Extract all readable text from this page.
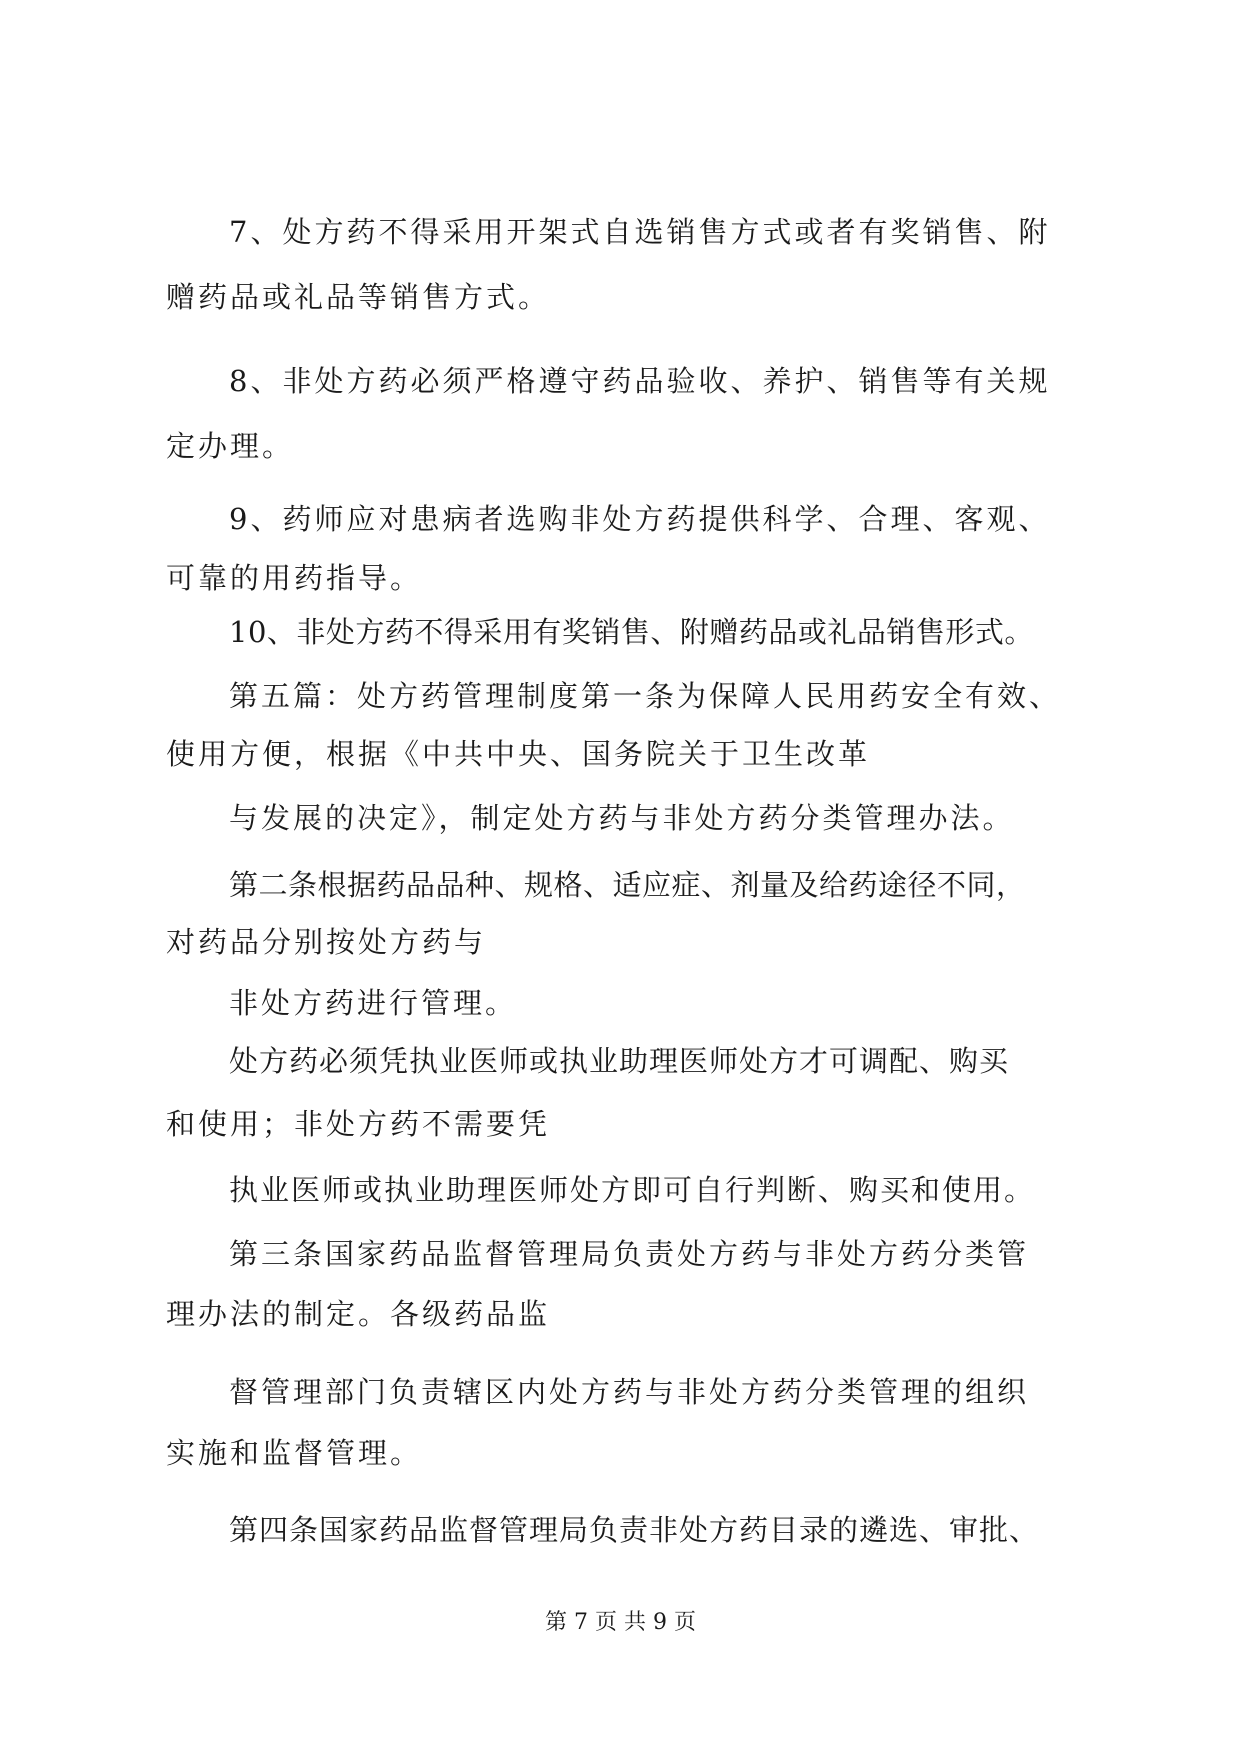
7、处方药不得采用开架式自选销售方式或者有奖销售、附
赠药品或礼品等销售方式。
8、非处方药必须严格遵守药品验收、养护、销售等有关规
定办理。
9、药师应对患病者选购非处方药提供科学、合理、客观、
可靠的用药指导。
10、非处方药不得采用有奖销售、附赠药品或礼品销售形式。
第五篇：处方药管理制度第一条为保障人民用药安全有效、
使用方便，根据《中共中央、国务院关于卫生改革
与发展的决定》，制定处方药与非处方药分类管理办法。
第二条根据药品品种、规格、适应症、剂量及给药途径不同，
对药品分别按处方药与
非处方药进行管理。
处方药必须凭执业医师或执业助理医师处方才可调配、购买
和使用；非处方药不需要凭
执业医师或执业助理医师处方即可自行判断、购买和使用。
第三条国家药品监督管理局负责处方药与非处方药分类管
理办法的制定。各级药品监
督管理部门负责辖区内处方药与非处方药分类管理的组织
实施和监督管理。
第四条国家药品监督管理局负责非处方药目录的遴选、审批、
第 7 页 共 9 页
